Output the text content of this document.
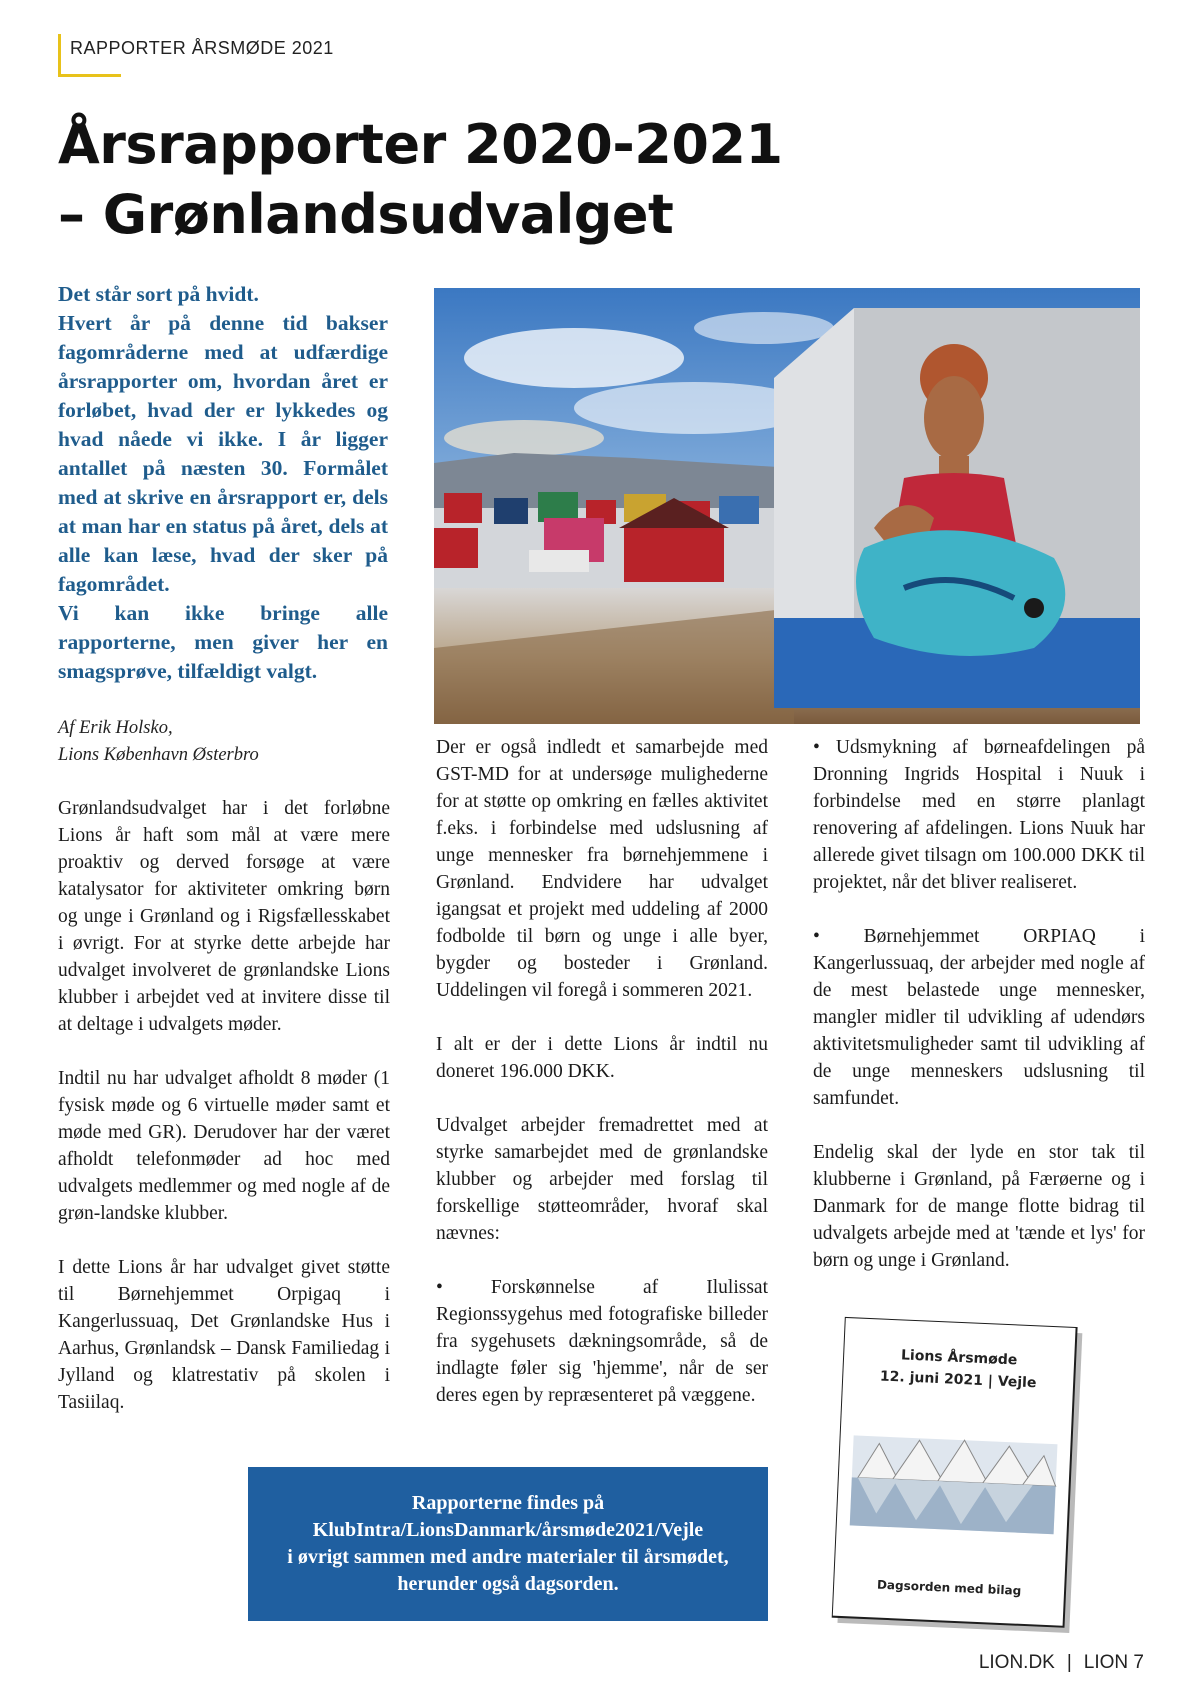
RAPPORTER ÅRSMØDE 2021
Årsrapporter 2020-2021
– Grønlandsudvalget

Det står sort på hvidt.

Hvert år på denne tid bakser fagområderne med at udfærdige årsrapporter om, hvordan året er forløbet, hvad der er lykkedes og hvad nåede vi ikke. I år ligger antallet på næsten 30. Formålet med at skrive en årsrapport er, dels at man har en status på året, dels at alle kan læse, hvad der sker på fagområdet.

Vi kan ikke bringe alle rapporterne, men giver her en smagsprøve, tilfældigt valgt.

Af Erik Holsko,

Lions København Østerbro

Grønlandsudvalget har i det forløbne Lions år haft som mål at være mere proaktiv og derved forsøge at være katalysator for aktiviteter omkring børn og unge i Grønland og i Rigsfællesskabet i øvrigt. For at styrke dette arbejde har udvalget involveret de grønlandske Lions klubber i arbejdet ved at invitere disse til at deltage i udvalgets møder.

Indtil nu har udvalget afholdt 8 møder (1 fysisk møde og 6 virtuelle møder samt et møde med GR). Derudover har der været afholdt telefonmøder ad hoc med udvalgets medlemmer og med nogle af de grøn-landske klubber.

I dette Lions år har udvalget givet støtte til Børnehjemmet Orpigaq i Kangerlussuaq, Det Grønlandske Hus i Aarhus, Grønlandsk – Dansk Familiedag i Jylland og klatrestativ på skolen i Tasiilaq.

Der er også indledt et samarbejde med GST-MD for at undersøge mulighederne for at støtte op omkring en fælles aktivitet f.eks. i forbindelse med udslusning af unge mennesker fra børnehjemmene i Grønland. Endvidere har udvalget igangsat et projekt med uddeling af 2000 fodbolde til børn og unge i alle byer, bygder og bosteder i Grønland. Uddelingen vil foregå i sommeren 2021.

I alt er der i dette Lions år indtil nu doneret 196.000 DKK.

Udvalget arbejder fremadrettet med at styrke samarbejdet med de grønlandske klubber og arbejder med forslag til forskellige støtteområder, hvoraf skal nævnes:

• Forskønnelse af Ilulissat Regionssygehus med fotografiske billeder fra sygehusets dækningsområde, så de indlagte føler sig 'hjemme', når de ser deres egen by repræsenteret på væggene.

• Udsmykning af børneafdelingen på Dronning Ingrids Hospital i Nuuk i forbindelse med en større planlagt renovering af afdelingen. Lions Nuuk har allerede givet tilsagn om 100.000 DKK til projektet, når det bliver realiseret.

• Børnehjemmet ORPIAQ i Kangerlussuaq, der arbejder med nogle af de mest belastede unge mennesker, mangler midler til udvikling af udendørs aktivitetsmuligheder samt til udvikling af de unge menneskers udslusning til samfundet.

Endelig skal der lyde en stor tak til klubberne i Grønland, på Færøerne og i Danmark for de mange flotte bidrag til udvalgets arbejde med at 'tænde et lys' for børn og unge i Grønland.

Rapporterne findes på
KlubIntra/LionsDanmark/årsmøde2021/Vejle
i øvrigt sammen med andre materialer til årsmødet,
herunder også dagsorden.
Lions Årsmøde
12. juni 2021 | Vejle
Dagsorden med bilag
LION.DK | LION 7
